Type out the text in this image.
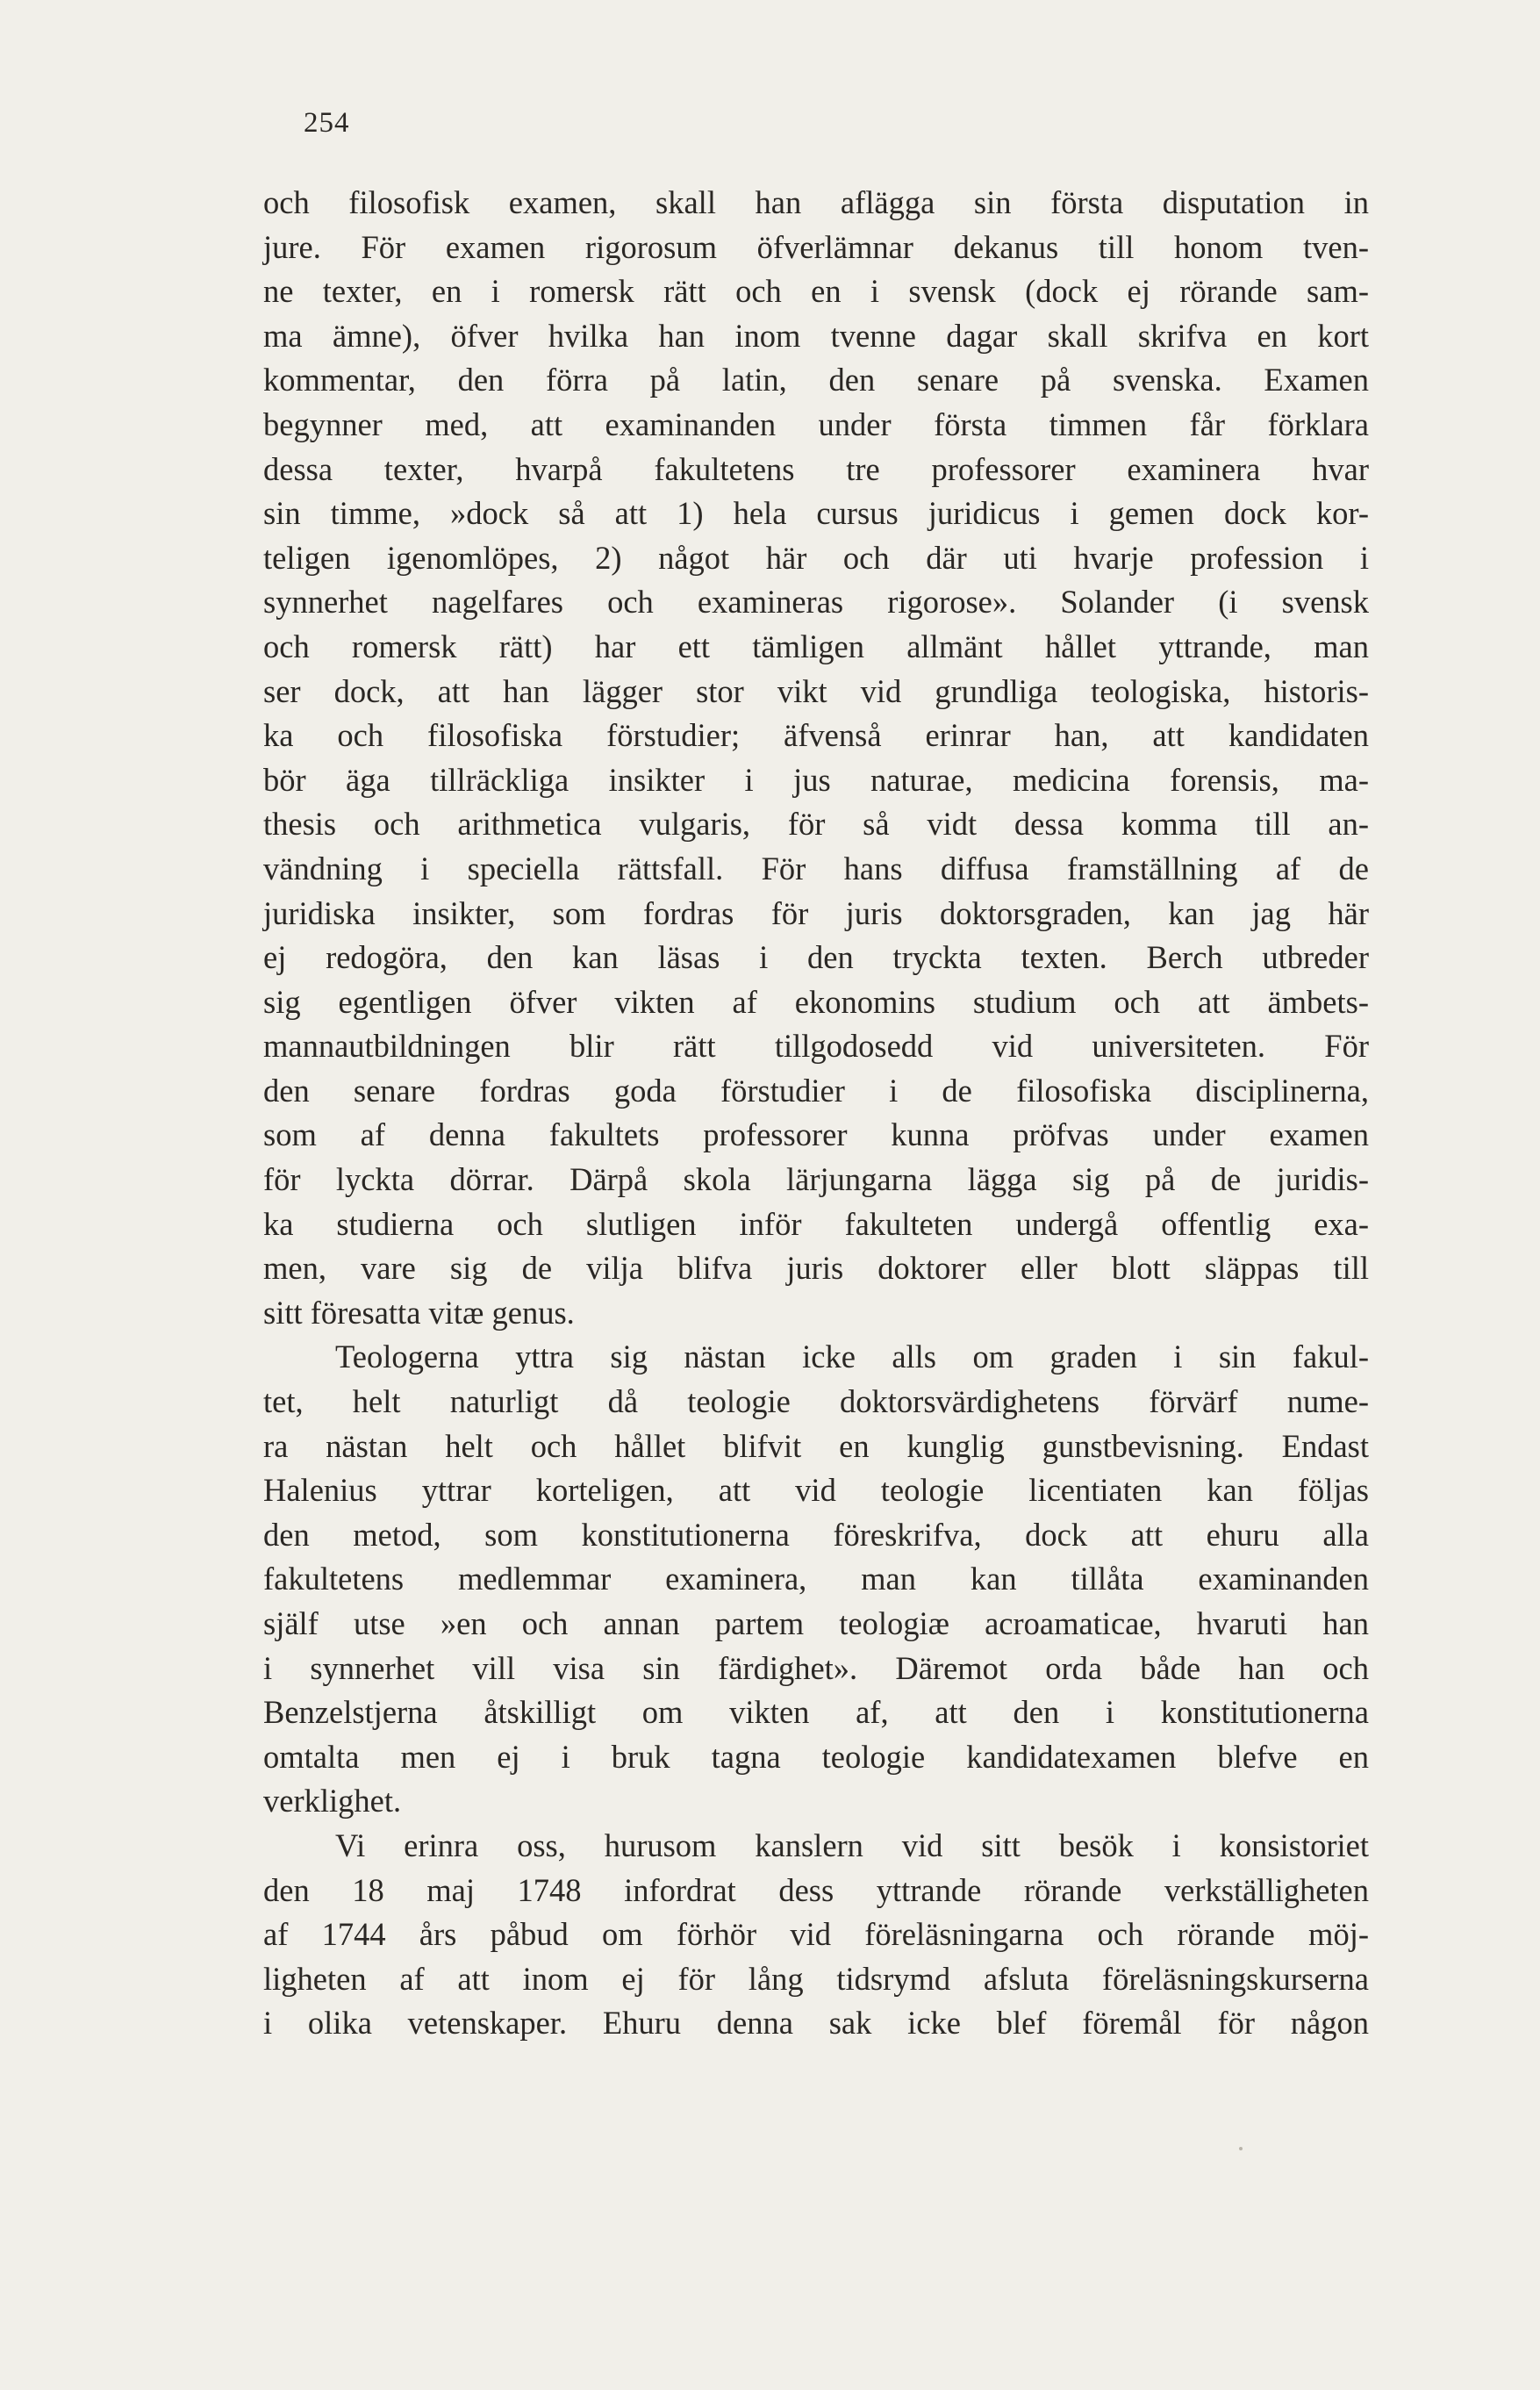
254
och filosofisk examen, skall han aflägga sin första disputation in
jure. För examen rigorosum öfverlämnar dekanus till honom tven-
ne texter, en i romersk rätt och en i svensk (dock ej rörande sam-
ma ämne), öfver hvilka han inom tvenne dagar skall skrifva en kort
kommentar, den förra på latin, den senare på svenska. Examen
begynner med, att examinanden under första timmen får förklara
dessa texter, hvarpå fakultetens tre professorer examinera hvar
sin timme, »dock så att 1) hela cursus juridicus i gemen dock kor-
teligen igenomlöpes, 2) något här och där uti hvarje profession i
synnerhet nagelfares och examineras rigorose». Solander (i svensk
och romersk rätt) har ett tämligen allmänt hållet yttrande, man
ser dock, att han lägger stor vikt vid grundliga teologiska, historis-
ka och filosofiska förstudier; äfvenså erinrar han, att kandidaten
bör äga tillräckliga insikter i jus naturae, medicina forensis, ma-
thesis och arithmetica vulgaris, för så vidt dessa komma till an-
vändning i speciella rättsfall. För hans diffusa framställning af de
juridiska insikter, som fordras för juris doktorsgraden, kan jag här
ej redogöra, den kan läsas i den tryckta texten. Berch utbreder
sig egentligen öfver vikten af ekonomins studium och att ämbets-
mannautbildningen blir rätt tillgodosedd vid universiteten. För
den senare fordras goda förstudier i de filosofiska disciplinerna,
som af denna fakultets professorer kunna pröfvas under examen
för lyckta dörrar. Därpå skola lärjungarna lägga sig på de juridis-
ka studierna och slutligen inför fakulteten undergå offentlig exa-
men, vare sig de vilja blifva juris doktorer eller blott släppas till
sitt föresatta vitæ genus.
Teologerna yttra sig nästan icke alls om graden i sin fakul-
tet, helt naturligt då teologie doktorsvärdighetens förvärf nume-
ra nästan helt och hållet blifvit en kunglig gunstbevisning. Endast
Halenius yttrar korteligen, att vid teologie licentiaten kan följas
den metod, som konstitutionerna föreskrifva, dock att ehuru alla
fakultetens medlemmar examinera, man kan tillåta examinanden
själf utse »en och annan partem teologiæ acroamaticae, hvaruti han
i synnerhet vill visa sin färdighet». Däremot orda både han och
Benzelstjerna åtskilligt om vikten af, att den i konstitutionerna
omtalta men ej i bruk tagna teologie kandidatexamen blefve en
verklighet.
Vi erinra oss, hurusom kanslern vid sitt besök i konsistoriet
den 18 maj 1748 infordrat dess yttrande rörande verkställigheten
af 1744 års påbud om förhör vid föreläsningarna och rörande möj-
ligheten af att inom ej för lång tidsrymd afsluta föreläsningskurserna
i olika vetenskaper. Ehuru denna sak icke blef föremål för någon
